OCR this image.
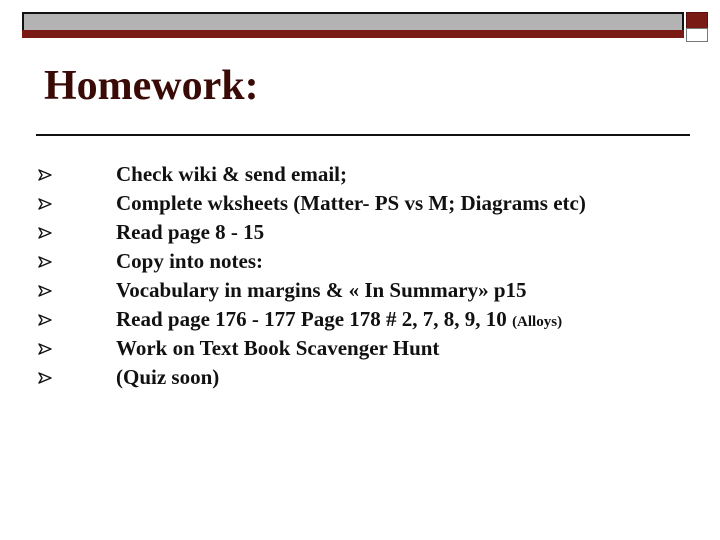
Homework:
Check wiki & send email;
Complete wksheets (Matter- PS vs M; Diagrams etc)
Read page 8 - 15
Copy into notes:
Vocabulary in margins & « In Summary» p15
Read page 176 - 177 Page 178 # 2, 7, 8, 9, 10 (Alloys)
Work on Text Book Scavenger Hunt
(Quiz soon)
